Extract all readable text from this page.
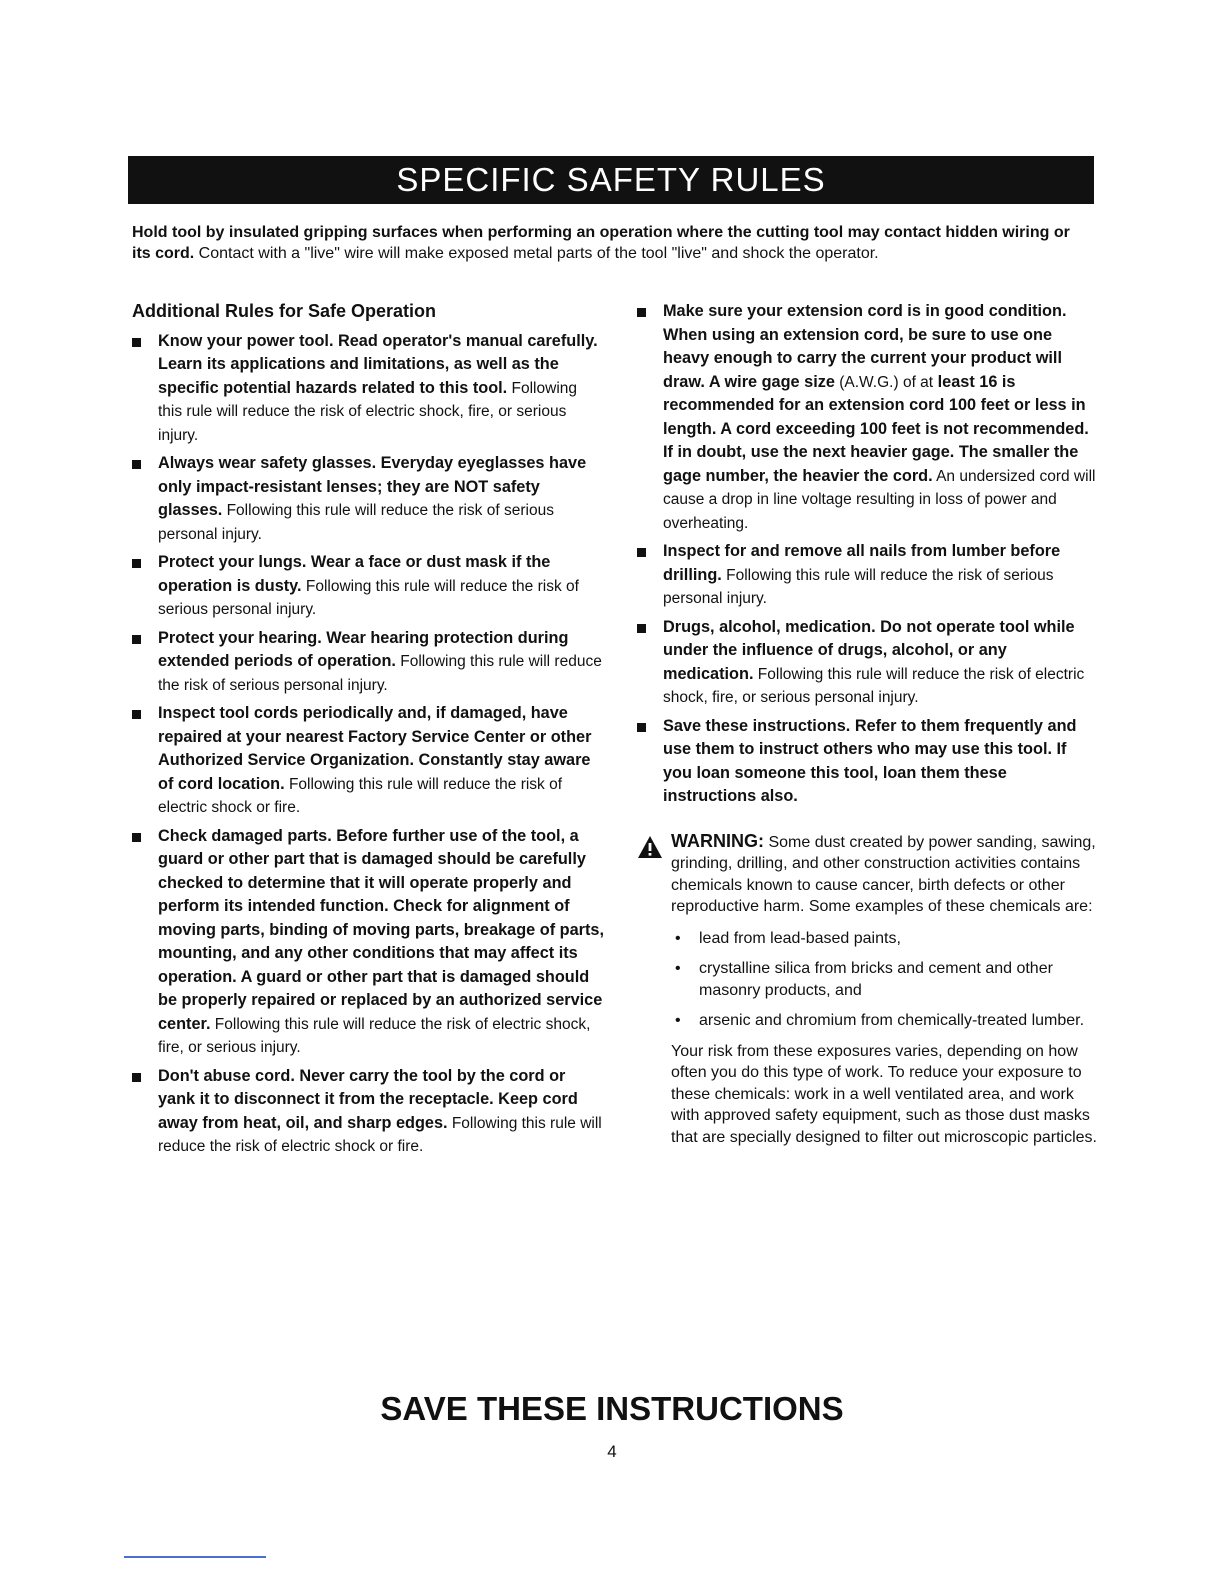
SPECIFIC SAFETY RULES
Hold tool by insulated gripping surfaces when performing an operation where the cutting tool may contact hidden wiring or its cord. Contact with a "live" wire will make exposed metal parts of the tool "live" and shock the operator.
Additional Rules for Safe Operation
Know your power tool. Read operator's manual carefully. Learn its applications and limitations, as well as the specific potential hazards related to this tool. Following this rule will reduce the risk of electric shock, fire, or serious injury.
Always wear safety glasses. Everyday eyeglasses have only impact-resistant lenses; they are NOT safety glasses. Following this rule will reduce the risk of serious personal injury.
Protect your lungs. Wear a face or dust mask if the operation is dusty. Following this rule will reduce the risk of serious personal injury.
Protect your hearing. Wear hearing protection during extended periods of operation. Following this rule will reduce the risk of serious personal injury.
Inspect tool cords periodically and, if damaged, have repaired at your nearest Factory Service Center or other Authorized Service Organization. Constantly stay aware of cord location. Following this rule will reduce the risk of electric shock or fire.
Check damaged parts. Before further use of the tool, a guard or other part that is damaged should be carefully checked to determine that it will operate properly and perform its intended function. Check for alignment of moving parts, binding of moving parts, breakage of parts, mounting, and any other conditions that may affect its operation. A guard or other part that is damaged should be properly repaired or replaced by an authorized service center. Following this rule will reduce the risk of electric shock, fire, or serious injury.
Don't abuse cord. Never carry the tool by the cord or yank it to disconnect it from the receptacle. Keep cord away from heat, oil, and sharp edges. Following this rule will reduce the risk of electric shock or fire.
Make sure your extension cord is in good condition. When using an extension cord, be sure to use one heavy enough to carry the current your product will draw. A wire gage size (A.W.G.) of at least 16 is recommended for an extension cord 100 feet or less in length. A cord exceeding 100 feet is not recommended. If in doubt, use the next heavier gage. The smaller the gage number, the heavier the cord. An undersized cord will cause a drop in line voltage resulting in loss of power and overheating.
Inspect for and remove all nails from lumber before drilling. Following this rule will reduce the risk of serious personal injury.
Drugs, alcohol, medication. Do not operate tool while under the influence of drugs, alcohol, or any medication. Following this rule will reduce the risk of electric shock, fire, or serious personal injury.
Save these instructions. Refer to them frequently and use them to instruct others who may use this tool. If you loan someone this tool, loan them these instructions also.
WARNING: Some dust created by power sanding, sawing, grinding, drilling, and other construction activities contains chemicals known to cause cancer, birth defects or other reproductive harm. Some examples of these chemicals are:
• lead from lead-based paints,
• crystalline silica from bricks and cement and other masonry products, and
• arsenic and chromium from chemically-treated lumber.
Your risk from these exposures varies, depending on how often you do this type of work. To reduce your exposure to these chemicals: work in a well ventilated area, and work with approved safety equipment, such as those dust masks that are specially designed to filter out microscopic particles.
SAVE THESE INSTRUCTIONS
4
